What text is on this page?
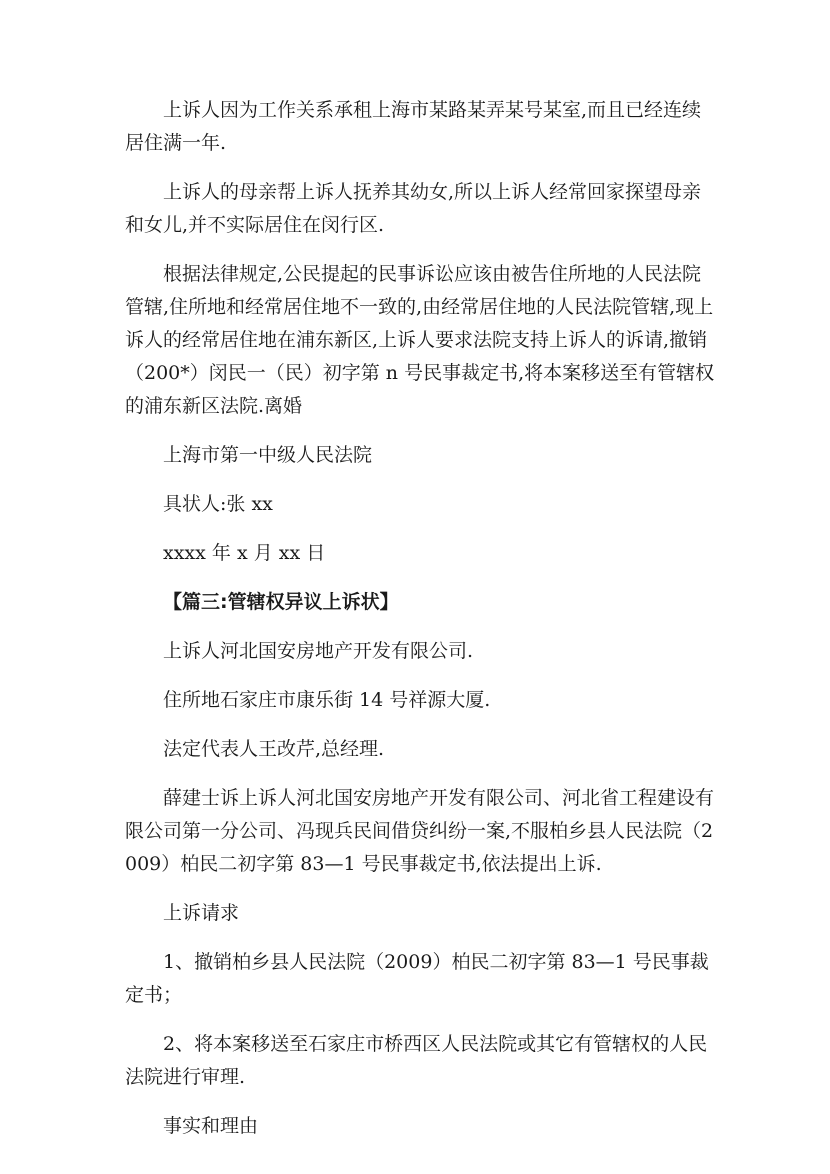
上诉人因为工作关系承租上海市某路某弄某号某室,而且已经连续居住满一年.

上诉人的母亲帮上诉人抚养其幼女,所以上诉人经常回家探望母亲和女儿,并不实际居住在闵行区.

根据法律规定,公民提起的民事诉讼应该由被告住所地的人民法院管辖,住所地和经常居住地不一致的,由经常居住地的人民法院管辖,现上诉人的经常居住地在浦东新区,上诉人要求法院支持上诉人的诉请,撤销（200*）闵民一（民）初字第 n 号民事裁定书,将本案移送至有管辖权的浦东新区法院.离婚

上海市第一中级人民法院

具状人:张 xx

xxxx 年 x 月 xx 日

【篇三:管辖权异议上诉状】

上诉人河北国安房地产开发有限公司.

住所地石家庄市康乐街 14 号祥源大厦.

法定代表人王改芹,总经理.

薛建士诉上诉人河北国安房地产开发有限公司、河北省工程建设有限公司第一分公司、冯现兵民间借贷纠纷一案,不服柏乡县人民法院（2009）柏民二初字第 83—1 号民事裁定书,依法提出上诉.

上诉请求

1、撤销柏乡县人民法院（2009）柏民二初字第 83—1 号民事裁定书；

2、将本案移送至石家庄市桥西区人民法院或其它有管辖权的人民法院进行审理.

事实和理由
